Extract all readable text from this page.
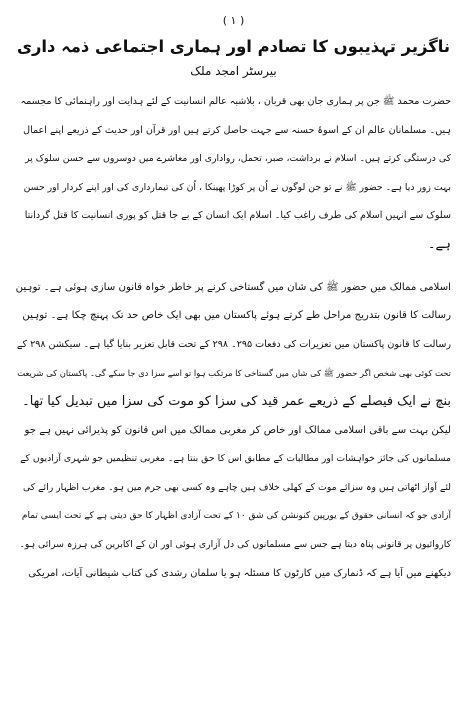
( ١ )
ناگزیر تہذیبوں کا تصادم اور ہماری اجتماعی ذمہ داری
بیرسٹر امجد ملک
حضرت محمد ﷺ جن پر ہماری جان بھی قربان ، بلاشبہ عالم انسانیت کے لئے ہدایت اور راہنمائی کا مجسمہ
ہیں۔ مسلمانان عالم ان کے اسوۂ حسنہ سے جہت حاصل کرتے ہیں اور قرآن اور حدیث کے ذریعے اپنے اعمال
کی درستگی کرتے ہیں۔ اسلام نے برداشت، صبر، تحمل، رواداری اور معاشرے میں دوسروں سے حسن سلوک پر
بہت زور دیا ہے۔ حضور ﷺ نے تو جن لوگوں نے اُن پر کوڑا پھینکا ، اُن کی تیمارداری کی اور اپنے کردار اور حسن
سلوک سے انہیں اسلام کی طرف راغب کیا۔ اسلام ایک انسان کے بے جا قتل کو پوری انسانیت کا قتل گردانتا
ہے۔
اسلامی ممالک میں حضور ﷺ کی شان میں گستاخی کرنے پر خاطر خواہ قانون سازی ہوئی ہے۔ توہین
رسالت کا قانون بتدریج مراحل طے کرتے ہوئے پاکستان میں بھی ایک خاص حد تک پہنچ چکا ہے۔ توہین
رسالت کا قانون پاکستان میں تعزیرات کی دفعات ۲۹۵۔ ۲۹۸ کے تحت قابل تعزیر بنایا گیا ہے۔ سیکشن ۲۹۸ کے
تحت کوئی بھی شخص اگر حضور ﷺ کی شان میں گستاخی کا مرتکب ہوا تو اسے سزا دی جا سکے گی۔ پاکستان کی شریعت
بنچ نے ایک فیصلے کے ذریعے عمر قید کی سزا کو موت کی سزا میں تبدیل کیا تھا۔
لیکن بہت سے باقی اسلامی ممالک اور خاص کر مغربی ممالک میں اس قانون کو پذیرائی نہیں ہے جو
مسلمانوں کی جائز خواہشات اور مطالبات کے مطابق اس کا حق بنتا ہے۔ مغربی تنظیمیں جو شہری آزادیوں کے
لئے آواز اٹھاتی ہیں وہ سزائے موت کے کھلی خلاف ہیں چاہے وہ کسی بھی جرم میں ہو۔ مغرب اظہار رائے کی
آزادی جو کہ انسانی حقوق کے یورپین کنونشن کی شق ۱۰ کے تحت آزادی اظہار کا حق دیتی ہے کے تحت ایسی تمام
کاروائیوں پر قانونی پناہ دیتا ہے جس سے مسلمانوں کی دل آزاری ہوئی اور ان کے اکابرین کی ہرزہ سرائی ہو۔
دیکھنے میں آیا ہے کہ ڈنمارک میں کارٹون کا مسئلہ ہو یا سلمان رشدی کی کتاب شیطانی آیات، امریکی
